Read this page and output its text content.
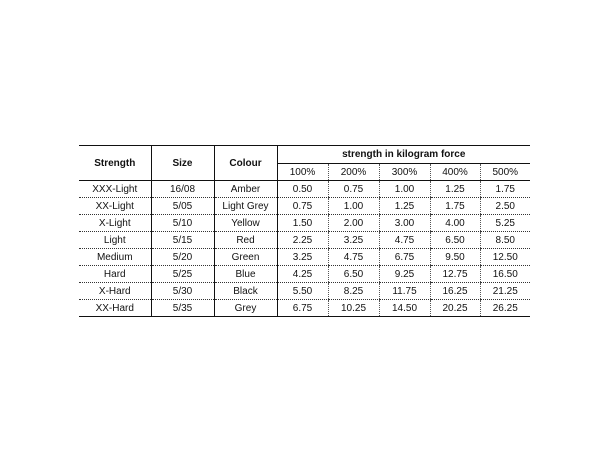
Strength	Size	Colour	strength in kilogram force				
			100%	200%	300%	400%	500%
XXX-Light	16/08	Amber	0.50	0.75	1.00	1.25	1.75
XX-Light	5/05	Light Grey	0.75	1.00	1.25	1.75	2.50
X-Light	5/10	Yellow	1.50	2.00	3.00	4.00	5.25
Light	5/15	Red	2.25	3.25	4.75	6.50	8.50
Medium	5/20	Green	3.25	4.75	6.75	9.50	12.50
Hard	5/25	Blue	4.25	6.50	9.25	12.75	16.50
X-Hard	5/30	Black	5.50	8.25	11.75	16.25	21.25
XX-Hard	5/35	Grey	6.75	10.25	14.50	20.25	26.25
